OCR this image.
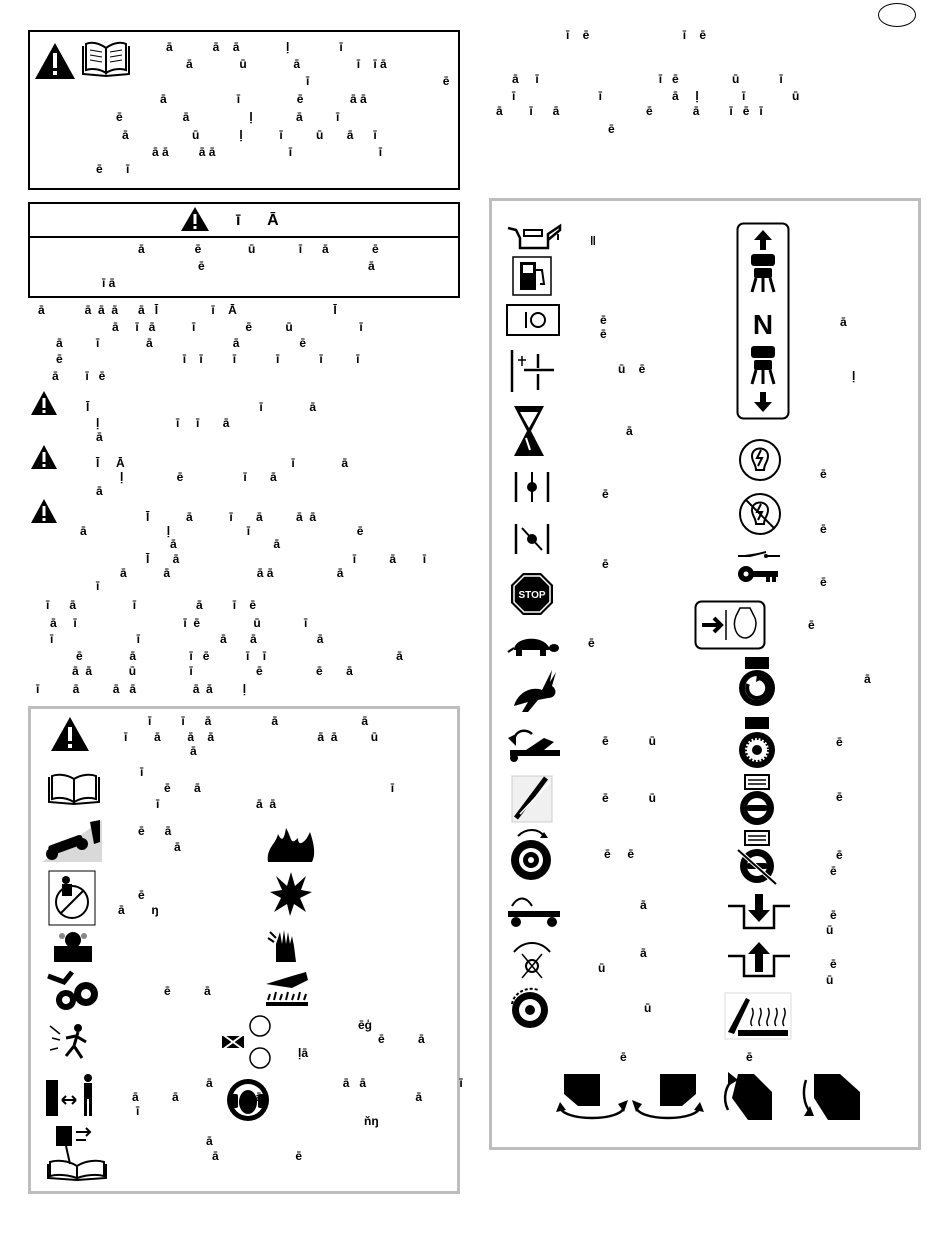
ī      Ā
STOP
N
ā            ā    ā              ḷ               ī
ā              ū              ā                 ī    ī ā
ī                                        ē
ā                     ī                 ē              ā ā
ē                  ā                  ḷ             ā          ī
ā                   ū            ḷ           ī          ū       ā      ī
ā ā         ā ā                      ī                          ī
ē       ī
ā               ē              ū             ī      ā             ē
ē                                                 ā
ī ā
ā            ā  ā  ā      ā   Ī                ī    Ā                             Ī
ā     ī   ā           ī               ē          ū                    ī
ā          ī              ā                        ā                  ē
ē                                    ī    ī         ī            ī            ī          ī
ā        ī   ē
Ī                                                   ī              ā
ḷ                       ī     ī       ā
ā
Ī     Ā                                                  ī              ā
ḷ                ē                  ī       ā
ā
Ī           ā           ī       ā          ā  ā
ā                        ḷ                       ī                                ē
ā                             ā
Ī       ā                                                    ī          ā        ī
ā           ā                          ā ā                   ā
ī
ī      ā                 ī                  ā         ī    ē
ā     ī                                ī  ē                ū             ī
ī                         ī                        ā       ā                  ā
ē              ā                ī   ē           ī    ī                                       ā
ā  ā           ū                ī                   ē                ē       ā
ī          ā          ā   ā                 ā  ā         ḷ
ī         ī      ā                  ā                         ā
ī        ā        ā    ā                               ā  ā          ū
ā
ī
ē       ā                                                         ī
ī                             ā  ā
ē      ā
ā
ē
ā        ŋ
ē          ā
ēģ
ē          ā
ḷā
ā                                       ā   ā                            ī
ā          ā                       ā                                              ā
ī
ňŋ
ā
ā                       ē
ī    ē                            ī    ē
ā     ī                                    ī   ē                ū            ī
ī                         ī                     ā     ḷ             ī              ū
ā        ī      ā                          ē            ā         ī   ē   ī
ē
ǁ
ē
ē
ā
ū    ē	ḷ
ā
ē
ē
ē
ē
ē
ē
ē
ā
ē            ū	ē
ē            ū	ē
ē     ē	ē
ē
ā
ē
ū
ā
ū	ē
ū
ū
ē	ē
